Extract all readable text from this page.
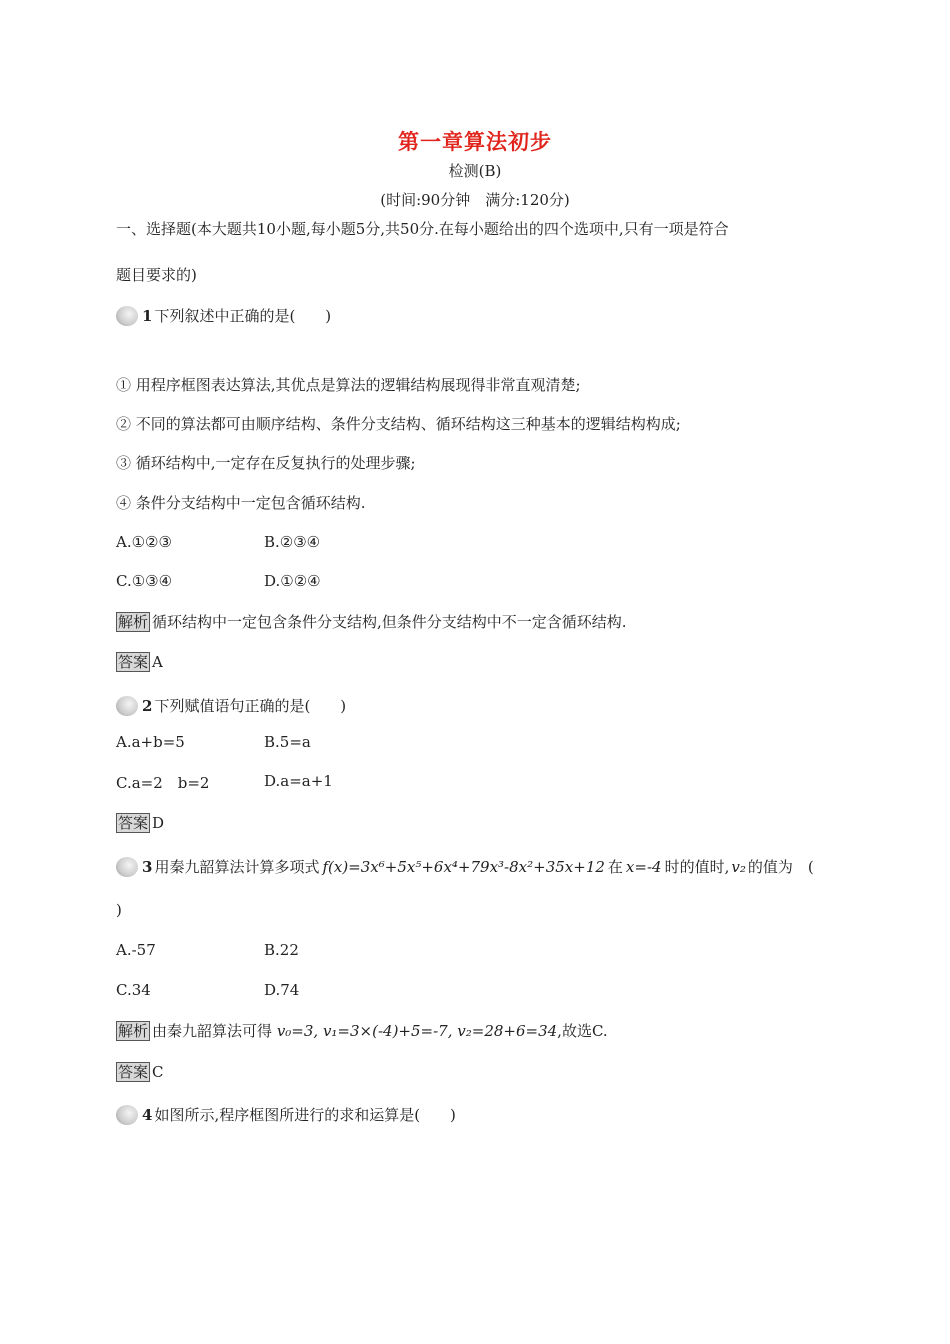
第一章算法初步
检测(B)
(时间:90分钟　满分:120分)
一、选择题(本大题共10小题,每小题5分,共50分.在每小题给出的四个选项中,只有一项是符合
题目要求的)
1 下列叙述中正确的是(　　)
① 用程序框图表达算法,其优点是算法的逻辑结构展现得非常直观清楚;
② 不同的算法都可由顺序结构、条件分支结构、循环结构这三种基本的逻辑结构构成;
③ 循环结构中,一定存在反复执行的处理步骤;
④ 条件分支结构中一定包含循环结构.
A.①②③	B.②③④
C.①③④	D.①②④
解析 循环结构中一定包含条件分支结构,但条件分支结构中不一定含循环结构.
答案 A
2 下列赋值语句正确的是(　　)
A.a+b=5	B.5=a
C.a=2　b=2	D.a=a+1
答案 D
3 用秦九韶算法计算多项式 f(x)=3x⁶+5x⁵+6x⁴+79x³-8x²+35x+12 在 x=-4 时的值时, v₂ 的值为　(
)
A.-57	B.22
C.34	D.74
解析 由秦九韶算法可得 v₀=3, v₁=3×(-4)+5=-7, v₂=28+6=34,故选C.
答案 C
4 如图所示,程序框图所进行的求和运算是(　　)
